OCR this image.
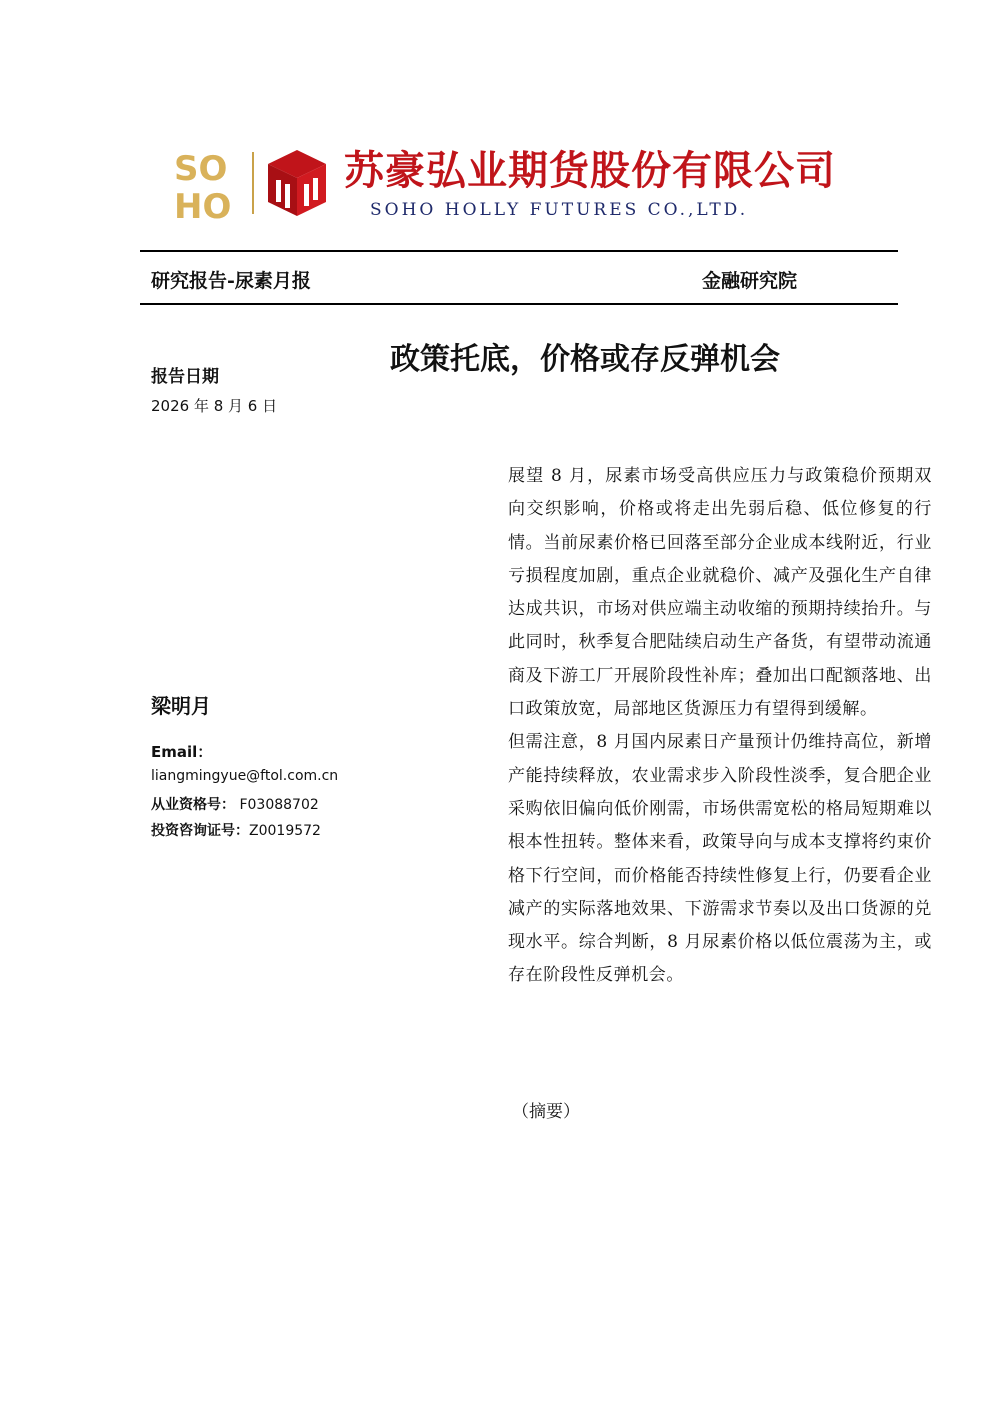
SO
HO
苏豪弘业期货股份有限公司
SOHO HOLLY FUTURES CO.,LTD.
研究报告-尿素月报	金融研究院
政策托底，价格或存反弹机会
报告日期
2026 年 8 月 6 日
梁明月
Email：
liangmingyue@ftol.com.cn
从业资格号： F03088702
投资咨询证号：Z0019572

展望 8 月，尿素市场受高供应压力与政策稳价预期双向交织影响，价格或将走出先弱后稳、低位修复的行情。当前尿素价格已回落至部分企业成本线附近，行业亏损程度加剧，重点企业就稳价、减产及强化生产自律达成共识，市场对供应端主动收缩的预期持续抬升。与此同时，秋季复合肥陆续启动生产备货，有望带动流通商及下游工厂开展阶段性补库；叠加出口配额落地、出口政策放宽，局部地区货源压力有望得到缓解。

但需注意，8 月国内尿素日产量预计仍维持高位，新增产能持续释放，农业需求步入阶段性淡季，复合肥企业采购依旧偏向低价刚需，市场供需宽松的格局短期难以根本性扭转。整体来看，政策导向与成本支撑将约束价格下行空间，而价格能否持续性修复上行，仍要看企业减产的实际落地效果、下游需求节奏以及出口货源的兑现水平。综合判断，8 月尿素价格以低位震荡为主，或存在阶段性反弹机会。

（摘要）
